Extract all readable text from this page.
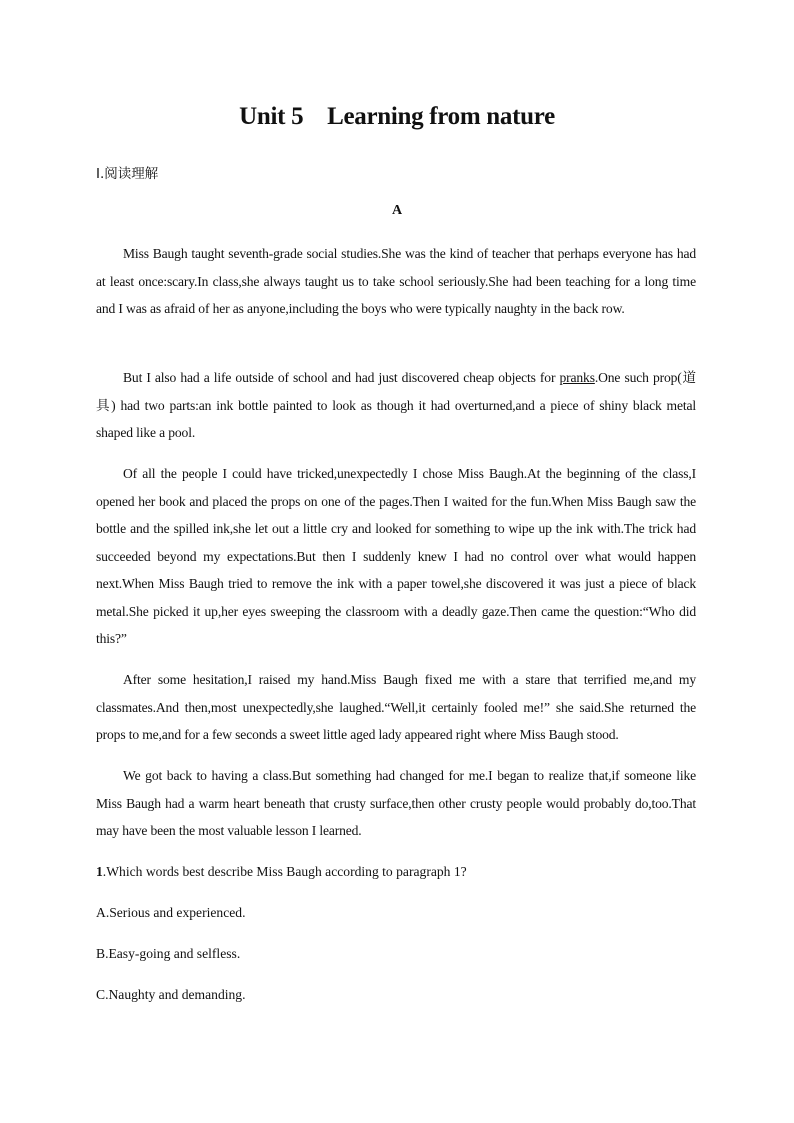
Unit 5    Learning from nature
Ⅰ.阅读理解
A

Miss Baugh taught seventh-grade social studies.She was the kind of teacher that perhaps everyone has had at least once:scary.In class,she always taught us to take school seriously.She had been teaching for a long time and I was as afraid of her as anyone,including the boys who were typically naughty in the back row.

But I also had a life outside of school and had just discovered cheap objects for pranks.One such prop(道具) had two parts:an ink bottle painted to look as though it had overturned,and a piece of shiny black metal shaped like a pool.

Of all the people I could have tricked,unexpectedly I chose Miss Baugh.At the beginning of the class,I opened her book and placed the props on one of the pages.Then I waited for the fun.When Miss Baugh saw the bottle and the spilled ink,she let out a little cry and looked for something to wipe up the ink with.The trick had succeeded beyond my expectations.But then I suddenly knew I had no control over what would happen next.When Miss Baugh tried to remove the ink with a paper towel,she discovered it was just a piece of black metal.She picked it up,her eyes sweeping the classroom with a deadly gaze.Then came the question:“Who did this?”

After some hesitation,I raised my hand.Miss Baugh fixed me with a stare that terrified me,and my classmates.And then,most unexpectedly,she laughed.“Well,it certainly fooled me!” she said.She returned the props to me,and for a few seconds a sweet little aged lady appeared right where Miss Baugh stood.

We got back to having a class.But something had changed for me.I began to realize that,if someone like Miss Baugh had a warm heart beneath that crusty surface,then other crusty people would probably do,too.That may have been the most valuable lesson I learned.

1.Which words best describe Miss Baugh according to paragraph 1?
A.Serious and experienced.
B.Easy-going and selfless.
C.Naughty and demanding.
